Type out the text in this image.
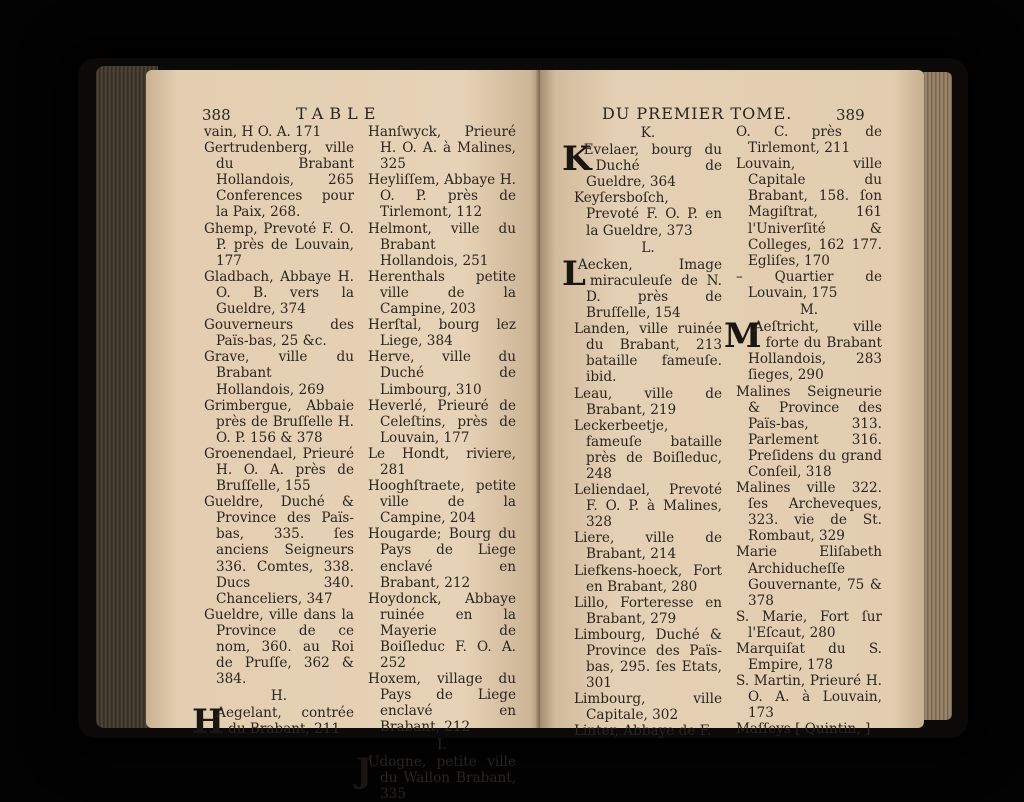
388	TABLE

vain, H O. A. 171

Gertrudenberg, ville du Brabant Hollandois, 265 Conferences pour la Paix, 268.

Ghemp, Prevoté F. O. P. près de Louvain, 177

Gladbach, Abbaye H. O. B. vers la Gueldre, 374

Gouverneurs des Païs-bas, 25 &c.

Grave, ville du Brabant Hollandois, 269

Grimbergue, Abbaie près de Bruſſelle H. O. P. 156 & 378

Groenendael, Prieuré H. O. A. près de Bruſſelle, 155

Gueldre, Duché & Province des Païs-bas, 335. ſes anciens Seigneurs 336. Comtes, 338. Ducs 340. Chanceliers, 347

Gueldre, ville dans la Province de ce nom, 360. au Roi de Pruſſe, 362 & 384.

H.

H
Aegelant, contrée du Brabant, 211

Hanſwyck, Prieuré H. O. A. à Malines, 325

Heyliſſem, Abbaye H. O. P. près de Tirlemont, 112

Helmont, ville du Brabant Hollandois, 251

Herenthals petite ville de la Campine, 203

Herſtal, bourg lez Liege, 384

Herve, ville du Duché de Limbourg, 310

Heverlé, Prieuré de Celeſtins, près de Louvain, 177

Le Hondt, riviere, 281

Hooghſtraete, petite ville de la Campine, 204

Hougarde; Bourg du Pays de Liege enclavé en Brabant, 212

Hoydonck, Abbaye ruinée en la Mayerie de Boiſleduc F. O. A. 252

Hoxem, village du Pays de Liege enclavé en Brabant, 212

I.

J
Udogne, petite ville du Wallon Brabant, 335

DU PREMIER TOME.	389

K.

K
Evelaer, bourg du Duché de Gueldre, 364

Keyſersboſch, Prevoté F. O. P. en la Gueldre, 373

L.

L
Aecken, Image miraculeuſe de N. D. près de Bruſſelle, 154

Landen, ville ruinée du Brabant, 213 bataille fameuſe. ibid.

Leau, ville de Brabant, 219

Leckerbeetje, fameuſe bataille près de Boiſleduc, 248

Leliendael, Prevoté F. O. P. à Malines, 328

Liere, ville de Brabant, 214

Liefkens-hoeck, Fort en Brabant, 280

Lillo, Forteresse en Brabant, 279

Limbourg, Duché & Province des Païs-bas, 295. ſes Etats, 301

Limbourg, ville Capitale, 302

Linter, Abbaye de F.

O. C. près de Tirlemont, 211

Louvain, ville Capitale du Brabant, 158. ſon Magiſtrat, 161 l'Univerſité & Colleges, 162 177. Egliſes, 170

– Quartier de Louvain, 175

M.

M
Aeſtricht, ville forte du Brabant Hollandois, 283 ſieges, 290

Malines Seigneurie & Province des Païs-bas, 313. Parlement 316. Preſidens du grand Conſeil, 318

Malines ville 322. ſes Archeveques, 323. vie de St. Rombaut, 329

Marie Eliſabeth Archiducheſſe Gouvernante, 75 & 378

S. Marie, Fort ſur l'Eſcaut, 280

Marquiſat du S. Empire, 178

S. Martin, Prieuré H. O. A. à Louvain, 173

Maſſeys [ Quintin, ]
